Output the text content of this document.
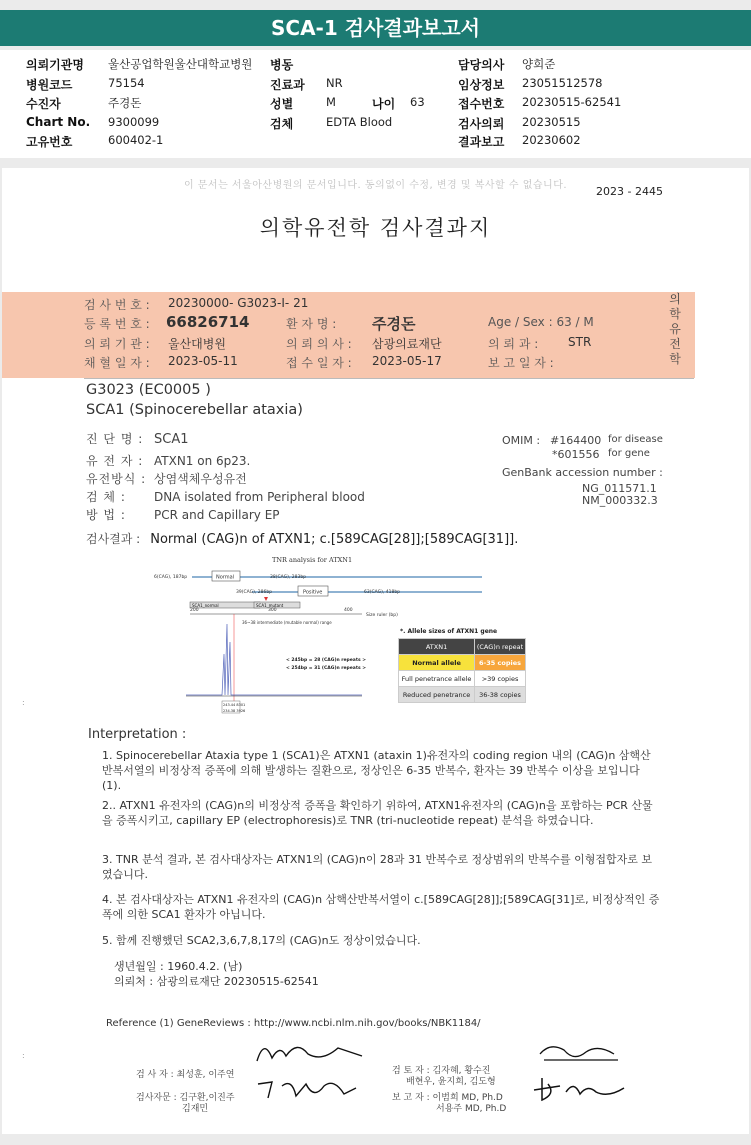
SCA-1 검사결과보고서
의뢰기관명 울산공업학원울산대학교병원 병동	담당의사 양희준
병원코드	75154	진료과 NR	임상정보 23051512578
수진자	주경돈	성별	M	나이 63	접수번호 20230515-62541
Chart No. 9300099	검체	EDTA Blood	검사의뢰 20230515
고유번호	600402-1	결과보고 20230602
이 문서는 서울아산병원의 문서입니다. 동의없이 수정, 변경 및 복사할 수 없습니다.	2023 - 2445
의학유전학 검사결과지
검 사 번 호 : 20230000- G3023-I- 21
등 록 번 호 : 66826714	환 자 명 : 주경돈	Age / Sex : 63 / M
의 뢰 기 관 : 울산대병원	의 뢰 의 사 : 삼광의료재단	의 뢰 과 : STR
채 혈 일 자 : 2023-05-11	접 수 일 자 : 2023-05-17	보 고 일 자 :
의학유전학
G3023 (EC0005 )
SCA1 (Spinocerebellar ataxia)
진 단 명 : SCA1
유 전 자 : ATXN1 on 6p23.
유전방식 : 상염색체우성유전
검 체 : DNA isolated from Peripheral blood
방 법 : PCR and Capillary EP
OMIM : #164400 for disease
*601556 for gene
GenBank accession number :
NG_011571.1
NM_000332.3
검사결과 : Normal (CAG)n of ATXN1; c.[589CAG[28]];[589CAG[31]].
TNR analysis for ATXN1
Normal
6(CAG), 187bp	38(CAG), 283bp
Positive
39(CAG), 286bp	63(CAG), 418bp
SCA1_normal	SCA1_mutant
200	300	400
Size ruler (bp)
36~38 intermediate (mutable normal) range
< 245bp = 28 (CAG)n repeats >
< 254bp = 31 (CAG)n repeats >
243.44 8301
234.38 3926
*. Allele sizes of ATXN1 gene
ATXN1	(CAG)n repeat
Normal allele	6-35 copies
Full penetrance allele	>39 copies
Reduced penetrance	36-38 copies
Interpretation :
1. Spinocerebellar Ataxia type 1 (SCA1)은 ATXN1 (ataxin 1)유전자의 coding region 내의 (CAG)n 삼핵산 반복서열의 비정상적 증폭에 의해 발생하는 질환으로, 정상인은 6-35 반복수, 환자는 39 반복수 이상을 보입니다 (1).
2.. ATXN1 유전자의 (CAG)n의 비정상적 증폭을 확인하기 위하여, ATXN1유전자의 (CAG)n을 포함하는 PCR 산물을 증폭시키고, capillary EP (electrophoresis)로 TNR (tri-nucleotide repeat) 분석을 하였습니다.
3. TNR 분석 결과, 본 검사대상자는 ATXN1의 (CAG)n이 28과 31 반복수로 정상범위의 반복수를 이형접합자로 보였습니다.
4. 본 검사대상자는 ATXN1 유전자의 (CAG)n 삼핵산반복서열이 c.[589CAG[28]];[589CAG[31]로, 비정상적인 증폭에 의한 SCA1 환자가 아닙니다.
5. 함께 진행했던 SCA2,3,6,7,8,17의 (CAG)n도 정상이었습니다.
생년월일 : 1960.4.2. (남)
의뢰처 : 삼광의료재단 20230515-62541
Reference (1) GeneReviews : http://www.ncbi.nlm.nih.gov/books/NBK1184/
검 사 자 : 최성훈, 이주연
검사자문 : 김구환,이진주
김재민
검 토 자 : 김자혜, 황수진
배현우, 윤지희, 김도형
보 고 자 : 이범희 MD, Ph.D
서용주 MD, Ph.D
:
:
